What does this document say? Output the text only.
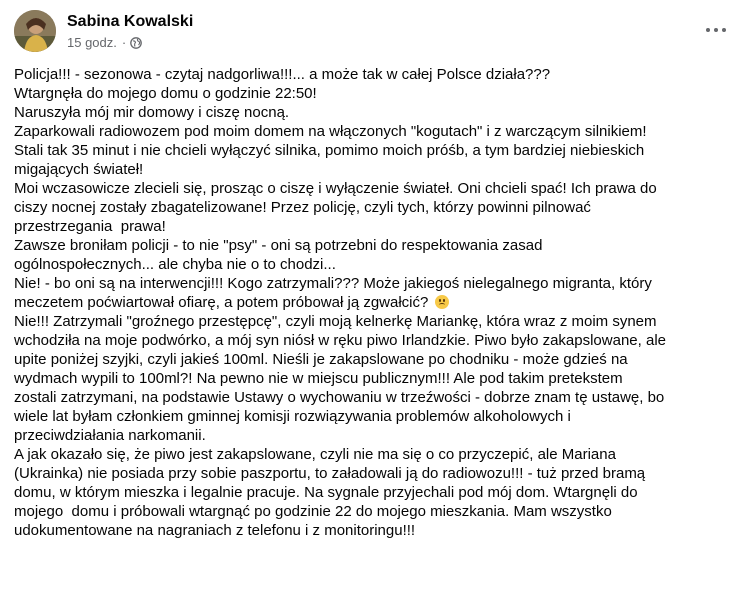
Sabina Kowalski
15 godz. ·

Policja!!! - sezonowa - czytaj nadgorliwa!!!... a może tak w całej Polsce działa???

Wtargnęła do mojego domu o godzinie 22:50!

Naruszyła mój mir domowy i ciszę nocną.

Zaparkowali radiowozem pod moim domem na włączonych "kogutach" i z warczącym silnikiem!

Stali tak 35 minut i nie chcieli wyłączyć silnika, pomimo moich próśb, a tym bardziej niebieskich

migających świateł!

Moi wczasowicze zlecieli się, prosząc o ciszę i wyłączenie świateł. Oni chcieli spać! Ich prawa do

ciszy nocnej zostały zbagatelizowane! Przez policję, czyli tych, którzy powinni pilnować

przestrzegania  prawa!

Zawsze broniłam policji - to nie "psy" - oni są potrzebni do respektowania zasad

ogólnospołecznych... ale chyba nie o to chodzi...

Nie! - bo oni są na interwencji!!! Kogo zatrzymali??? Może jakiegoś nielegalnego migranta, który

meczetem poćwiartował ofiarę, a potem próbował ją zgwałcić?

Nie!!! Zatrzymali "groźnego przestępcę", czyli moją kelnerkę Mariankę, która wraz z moim synem

wchodziła na moje podwórko, a mój syn niósł w ręku piwo Irlandzkie. Piwo było zakapslowane, ale

upite poniżej szyjki, czyli jakieś 100ml. Nieśli je zakapslowane po chodniku - może gdzieś na

wydmach wypili to 100ml?! Na pewno nie w miejscu publicznym!!! Ale pod takim pretekstem

zostali zatrzymani, na podstawie Ustawy o wychowaniu w trzeźwości - dobrze znam tę ustawę, bo

wiele lat byłam członkiem gminnej komisji rozwiązywania problemów alkoholowych i

przeciwdziałania narkomanii.

A jak okazało się, że piwo jest zakapslowane, czyli nie ma się o co przyczepić, ale Mariana

(Ukrainka) nie posiada przy sobie paszportu, to załadowali ją do radiowozu!!! - tuż przed bramą

domu, w którym mieszka i legalnie pracuje. Na sygnale przyjechali pod mój dom. Wtargnęli do

mojego  domu i próbowali wtargnąć po godzinie 22 do mojego mieszkania. Mam wszystko

udokumentowane na nagraniach z telefonu i z monitoringu!!!
